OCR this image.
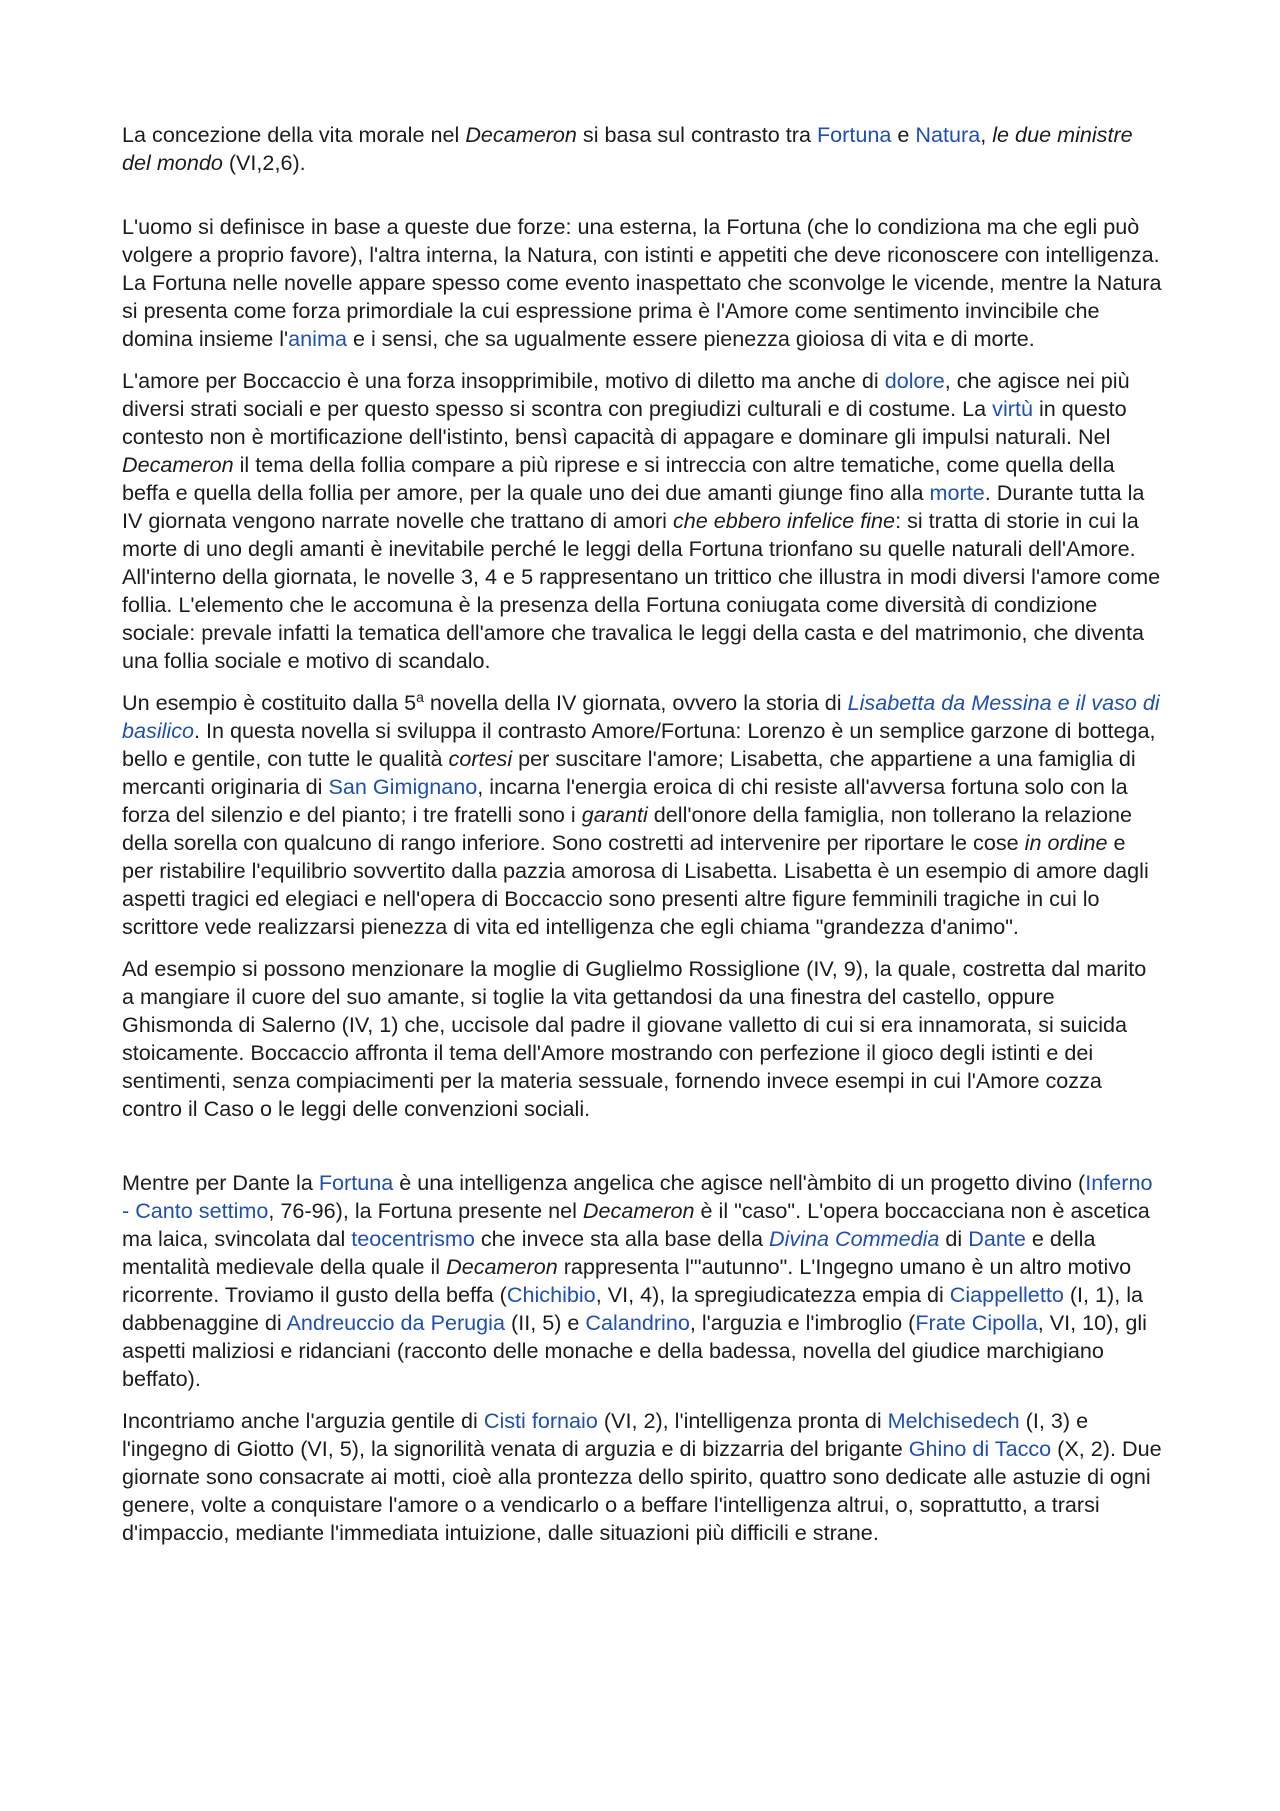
La concezione della vita morale nel Decameron si basa sul contrasto tra Fortuna e Natura, le due ministre del mondo (VI,2,6).

L'uomo si definisce in base a queste due forze: una esterna, la Fortuna (che lo condiziona ma che egli può volgere a proprio favore), l'altra interna, la Natura, con istinti e appetiti che deve riconoscere con intelligenza. La Fortuna nelle novelle appare spesso come evento inaspettato che sconvolge le vicende, mentre la Natura si presenta come forza primordiale la cui espressione prima è l'Amore come sentimento invincibile che domina insieme l'anima e i sensi, che sa ugualmente essere pienezza gioiosa di vita e di morte.

L'amore per Boccaccio è una forza insopprimibile, motivo di diletto ma anche di dolore, che agisce nei più diversi strati sociali e per questo spesso si scontra con pregiudizi culturali e di costume. La virtù in questo contesto non è mortificazione dell'istinto, bensì capacità di appagare e dominare gli impulsi naturali. Nel Decameron il tema della follia compare a più riprese e si intreccia con altre tematiche, come quella della beffa e quella della follia per amore, per la quale uno dei due amanti giunge fino alla morte. Durante tutta la IV giornata vengono narrate novelle che trattano di amori che ebbero infelice fine: si tratta di storie in cui la morte di uno degli amanti è inevitabile perché le leggi della Fortuna trionfano su quelle naturali dell'Amore. All'interno della giornata, le novelle 3, 4 e 5 rappresentano un trittico che illustra in modi diversi l'amore come follia. L'elemento che le accomuna è la presenza della Fortuna coniugata come diversità di condizione sociale: prevale infatti la tematica dell'amore che travalica le leggi della casta e del matrimonio, che diventa una follia sociale e motivo di scandalo.

Un esempio è costituito dalla 5$^a$ novella della IV giornata, ovvero la storia di Lisabetta da Messina e il vaso di basilico. In questa novella si sviluppa il contrasto Amore/Fortuna: Lorenzo è un semplice garzone di bottega, bello e gentile, con tutte le qualità cortesi per suscitare l'amore; Lisabetta, che appartiene a una famiglia di mercanti originaria di San Gimignano, incarna l'energia eroica di chi resiste all'avversa fortuna solo con la forza del silenzio e del pianto; i tre fratelli sono i garanti dell'onore della famiglia, non tollerano la relazione della sorella con qualcuno di rango inferiore. Sono costretti ad intervenire per riportare le cose in ordine e per ristabilire l'equilibrio sovvertito dalla pazzia amorosa di Lisabetta. Lisabetta è un esempio di amore dagli aspetti tragici ed elegiaci e nell'opera di Boccaccio sono presenti altre figure femminili tragiche in cui lo scrittore vede realizzarsi pienezza di vita ed intelligenza che egli chiama "grandezza d'animo".

Ad esempio si possono menzionare la moglie di Guglielmo Rossiglione (IV, 9), la quale, costretta dal marito a mangiare il cuore del suo amante, si toglie la vita gettandosi da una finestra del castello, oppure Ghismonda di Salerno (IV, 1) che, uccisole dal padre il giovane valletto di cui si era innamorata, si suicida stoicamente. Boccaccio affronta il tema dell'Amore mostrando con perfezione il gioco degli istinti e dei sentimenti, senza compiacimenti per la materia sessuale, fornendo invece esempi in cui l'Amore cozza contro il Caso o le leggi delle convenzioni sociali.

Mentre per Dante la Fortuna è una intelligenza angelica che agisce nell'àmbito di un progetto divino (Inferno - Canto settimo, 76-96), la Fortuna presente nel Decameron è il "caso". L'opera boccacciana non è ascetica ma laica, svincolata dal teocentrismo che invece sta alla base della Divina Commedia di Dante e della mentalità medievale della quale il Decameron rappresenta l'"autunno". L'Ingegno umano è un altro motivo ricorrente. Troviamo il gusto della beffa (Chichibio, VI, 4), la spregiudicatezza empia di Ciappelletto (I, 1), la dabbenaggine di Andreuccio da Perugia (II, 5) e Calandrino, l'arguzia e l'imbroglio (Frate Cipolla, VI, 10), gli aspetti maliziosi e ridanciani (racconto delle monache e della badessa, novella del giudice marchigiano beffato).

Incontriamo anche l'arguzia gentile di Cisti fornaio (VI, 2), l'intelligenza pronta di Melchisedech (I, 3) e l'ingegno di Giotto (VI, 5), la signorilità venata di arguzia e di bizzarria del brigante Ghino di Tacco (X, 2). Due giornate sono consacrate ai motti, cioè alla prontezza dello spirito, quattro sono dedicate alle astuzie di ogni genere, volte a conquistare l'amore o a vendicarlo o a beffare l'intelligenza altrui, o, soprattutto, a trarsi d'impaccio, mediante l'immediata intuizione, dalle situazioni più difficili e strane.
